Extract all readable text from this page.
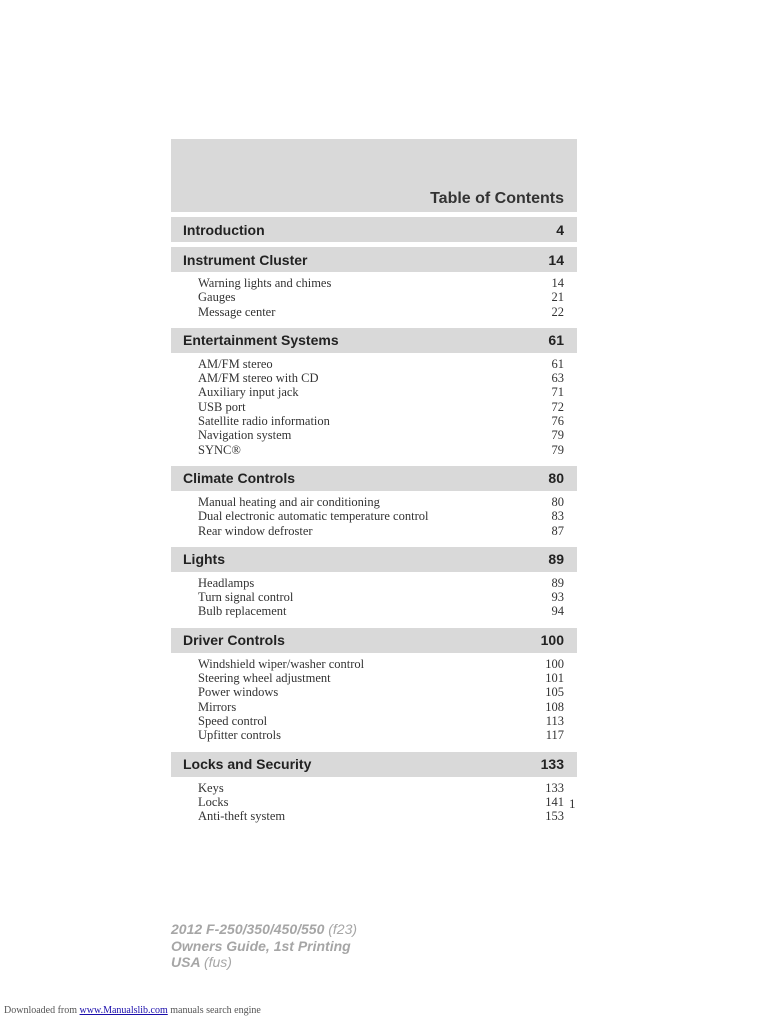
Table of Contents
Introduction	4
Instrument Cluster	14
Warning lights and chimes	14
Gauges	21
Message center	22
Entertainment Systems	61
AM/FM stereo	61
AM/FM stereo with CD	63
Auxiliary input jack	71
USB port	72
Satellite radio information	76
Navigation system	79
SYNC®	79
Climate Controls	80
Manual heating and air conditioning	80
Dual electronic automatic temperature control	83
Rear window defroster	87
Lights	89
Headlamps	89
Turn signal control	93
Bulb replacement	94
Driver Controls	100
Windshield wiper/washer control	100
Steering wheel adjustment	101
Power windows	105
Mirrors	108
Speed control	113
Upfitter controls	117
Locks and Security	133
Keys	133
Locks	141
Anti-theft system	153
1
2012 F-250/350/450/550 (f23)
Owners Guide, 1st Printing
USA (fus)
Downloaded from www.Manualslib.com manuals search engine
